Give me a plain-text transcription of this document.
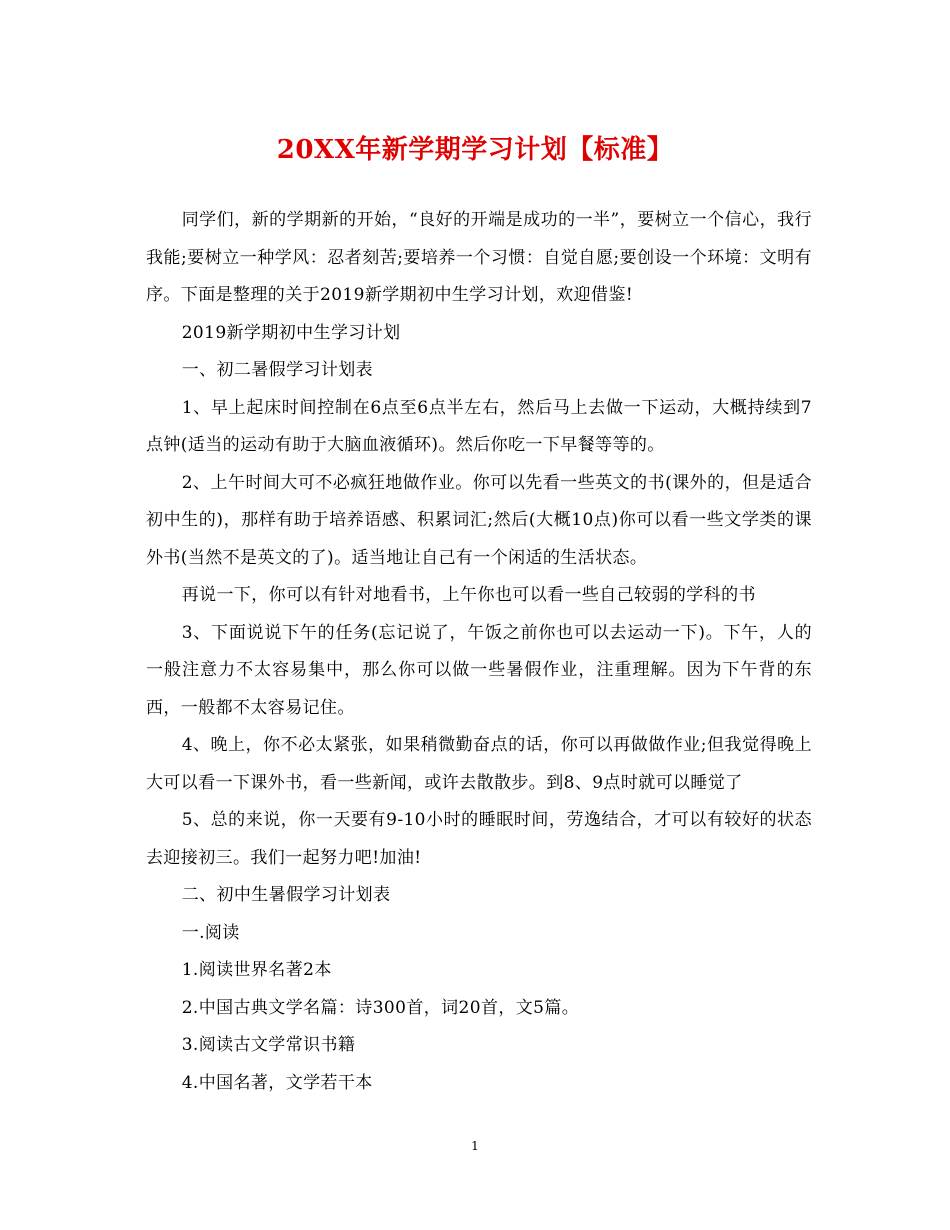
20XX年新学期学习计划【标准】

同学们，新的学期新的开始，“良好的开端是成功的一半”，要树立一个信心，我行我能;要树立一种学风：忍者刻苦;要培养一个习惯：自觉自愿;要创设一个环境：文明有序。下面是整理的关于2019新学期初中生学习计划，欢迎借鉴!

2019新学期初中生学习计划

一、初二暑假学习计划表

1、早上起床时间控制在6点至6点半左右，然后马上去做一下运动，大概持续到7点钟(适当的运动有助于大脑血液循环)。然后你吃一下早餐等等的。

2、上午时间大可不必疯狂地做作业。你可以先看一些英文的书(课外的，但是适合初中生的)，那样有助于培养语感、积累词汇;然后(大概10点)你可以看一些文学类的课外书(当然不是英文的了)。适当地让自己有一个闲适的生活状态。

再说一下，你可以有针对地看书，上午你也可以看一些自己较弱的学科的书

3、下面说说下午的任务(忘记说了，午饭之前你也可以去运动一下)。下午，人的一般注意力不太容易集中，那么你可以做一些暑假作业，注重理解。因为下午背的东西，一般都不太容易记住。

4、晚上，你不必太紧张，如果稍微勤奋点的话，你可以再做做作业;但我觉得晚上大可以看一下课外书，看一些新闻，或许去散散步。到8、9点时就可以睡觉了

5、总的来说，你一天要有9-10小时的睡眠时间，劳逸结合，才可以有较好的状态去迎接初三。我们一起努力吧!加油!

二、初中生暑假学习计划表

一.阅读

1.阅读世界名著2本

2.中国古典文学名篇：诗300首，词20首，文5篇。

3.阅读古文学常识书籍

4.中国名著，文学若干本

1
